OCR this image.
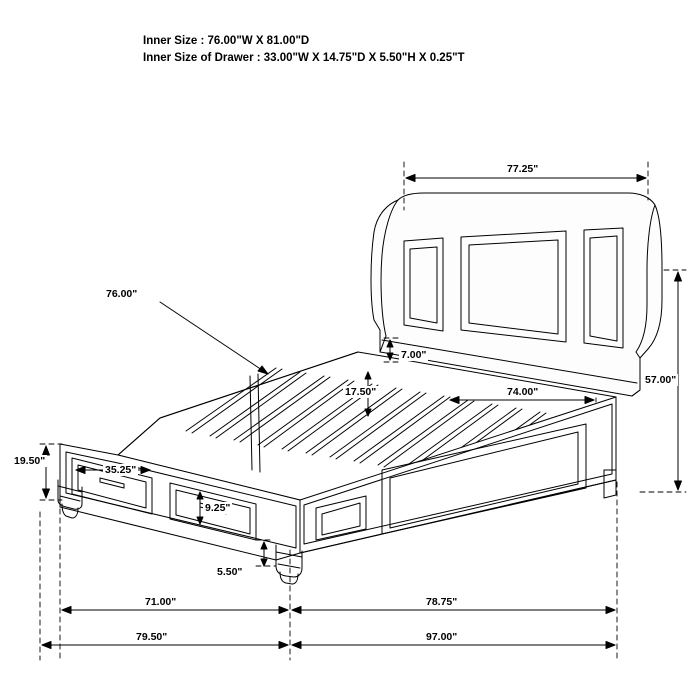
Inner Size : 76.00"W X 81.00"D
Inner Size of Drawer : 33.00"W X 14.75"D X 5.50"H X 0.25"T
77.25"
57.00"
76.00"
7.00"
17.50"	74.00"
19.50"
35.25"
9.25"
5.50"
71.00"	78.75"
79.50"	97.00"
